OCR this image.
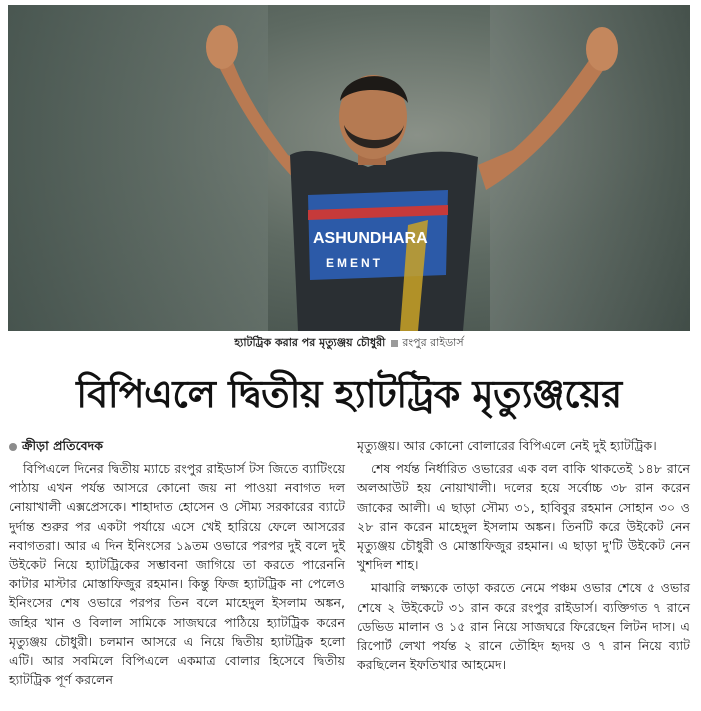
ASHUNDHARA
EMENT
হ্যাটট্রিক করার পর মৃত্যুঞ্জয় চৌধুরী রংপুর রাইডার্স
বিপিএলে দ্বিতীয় হ্যাটট্রিক মৃত্যুঞ্জয়ের

ক্রীড়া প্রতিবেদক

বিপিএলে দিনের দ্বিতীয় ম্যাচে রংপুর রাইডার্স টস জিতে ব্যাটিংয়ে পাঠায় এখন পর্যন্ত আসরে কোনো জয় না পাওয়া নবাগত দল নোয়াখালী এক্সপ্রেসকে। শাহাদাত হোসেন ও সৌম্য সরকারের ব্যাটে দুর্দান্ত শুরুর পর একটা পর্যায়ে এসে খেই হারিয়ে ফেলে আসরের নবাগতরা। আর এ দিন ইনিংসের ১৯তম ওভারে পরপর দুই বলে দুই উইকেট নিয়ে হ্যাটট্রিকের সম্ভাবনা জাগিয়ে তা করতে পারেননি কাটার মাস্টার মোস্তাফিজুর রহমান। কিন্তু ফিজ হ্যাটট্রিক না পেলেও ইনিংসের শেষ ওভারে পরপর তিন বলে মাহেদুল ইসলাম অঙ্কন, জহির খান ও বিলাল সামিকে সাজঘরে পাঠিয়ে হ্যাটট্রিক করেন মৃত্যুঞ্জয় চৌধুরী। চলমান আসরে এ নিয়ে দ্বিতীয় হ্যাটট্রিক হলো এটি। আর সবমিলে বিপিএলে একমাত্র বোলার হিসেবে দ্বিতীয় হ্যাটট্রিক পূর্ণ করলেন

মৃত্যুঞ্জয়। আর কোনো বোলারের বিপিএলে নেই দুই হ্যাটট্রিক।

শেষ পর্যন্ত নির্ধারিত ওভারের এক বল বাকি থাকতেই ১৪৮ রানে অলআউট হয় নোয়াখালী। দলের হয়ে সর্বোচ্চ ৩৮ রান করেন জাকের আলী। এ ছাড়া সৌম্য ৩১, হাবিবুর রহমান সোহান ৩০ ও ২৮ রান করেন মাহেদুল ইসলাম অঙ্কন। তিনটি করে উইকেট নেন মৃত্যুঞ্জয় চৌধুরী ও মোস্তাফিজুর রহমান। এ ছাড়া দু'টি উইকেট নেন খুশদিল শাহ।

মাঝারি লক্ষ্যকে তাড়া করতে নেমে পঞ্চম ওভার শেষে ৫ ওভার শেষে ২ উইকেটে ৩১ রান করে রংপুর রাইডার্স। ব্যক্তিগত ৭ রানে ডেভিড মালান ও ১৫ রান নিয়ে সাজঘরে ফিরেছেন লিটন দাস। এ রিপোর্ট লেখা পর্যন্ত ২ রানে তৌহিদ হৃদয় ও ৭ রান নিয়ে ব্যাট করছিলেন ইফতিখার আহমেদ।
